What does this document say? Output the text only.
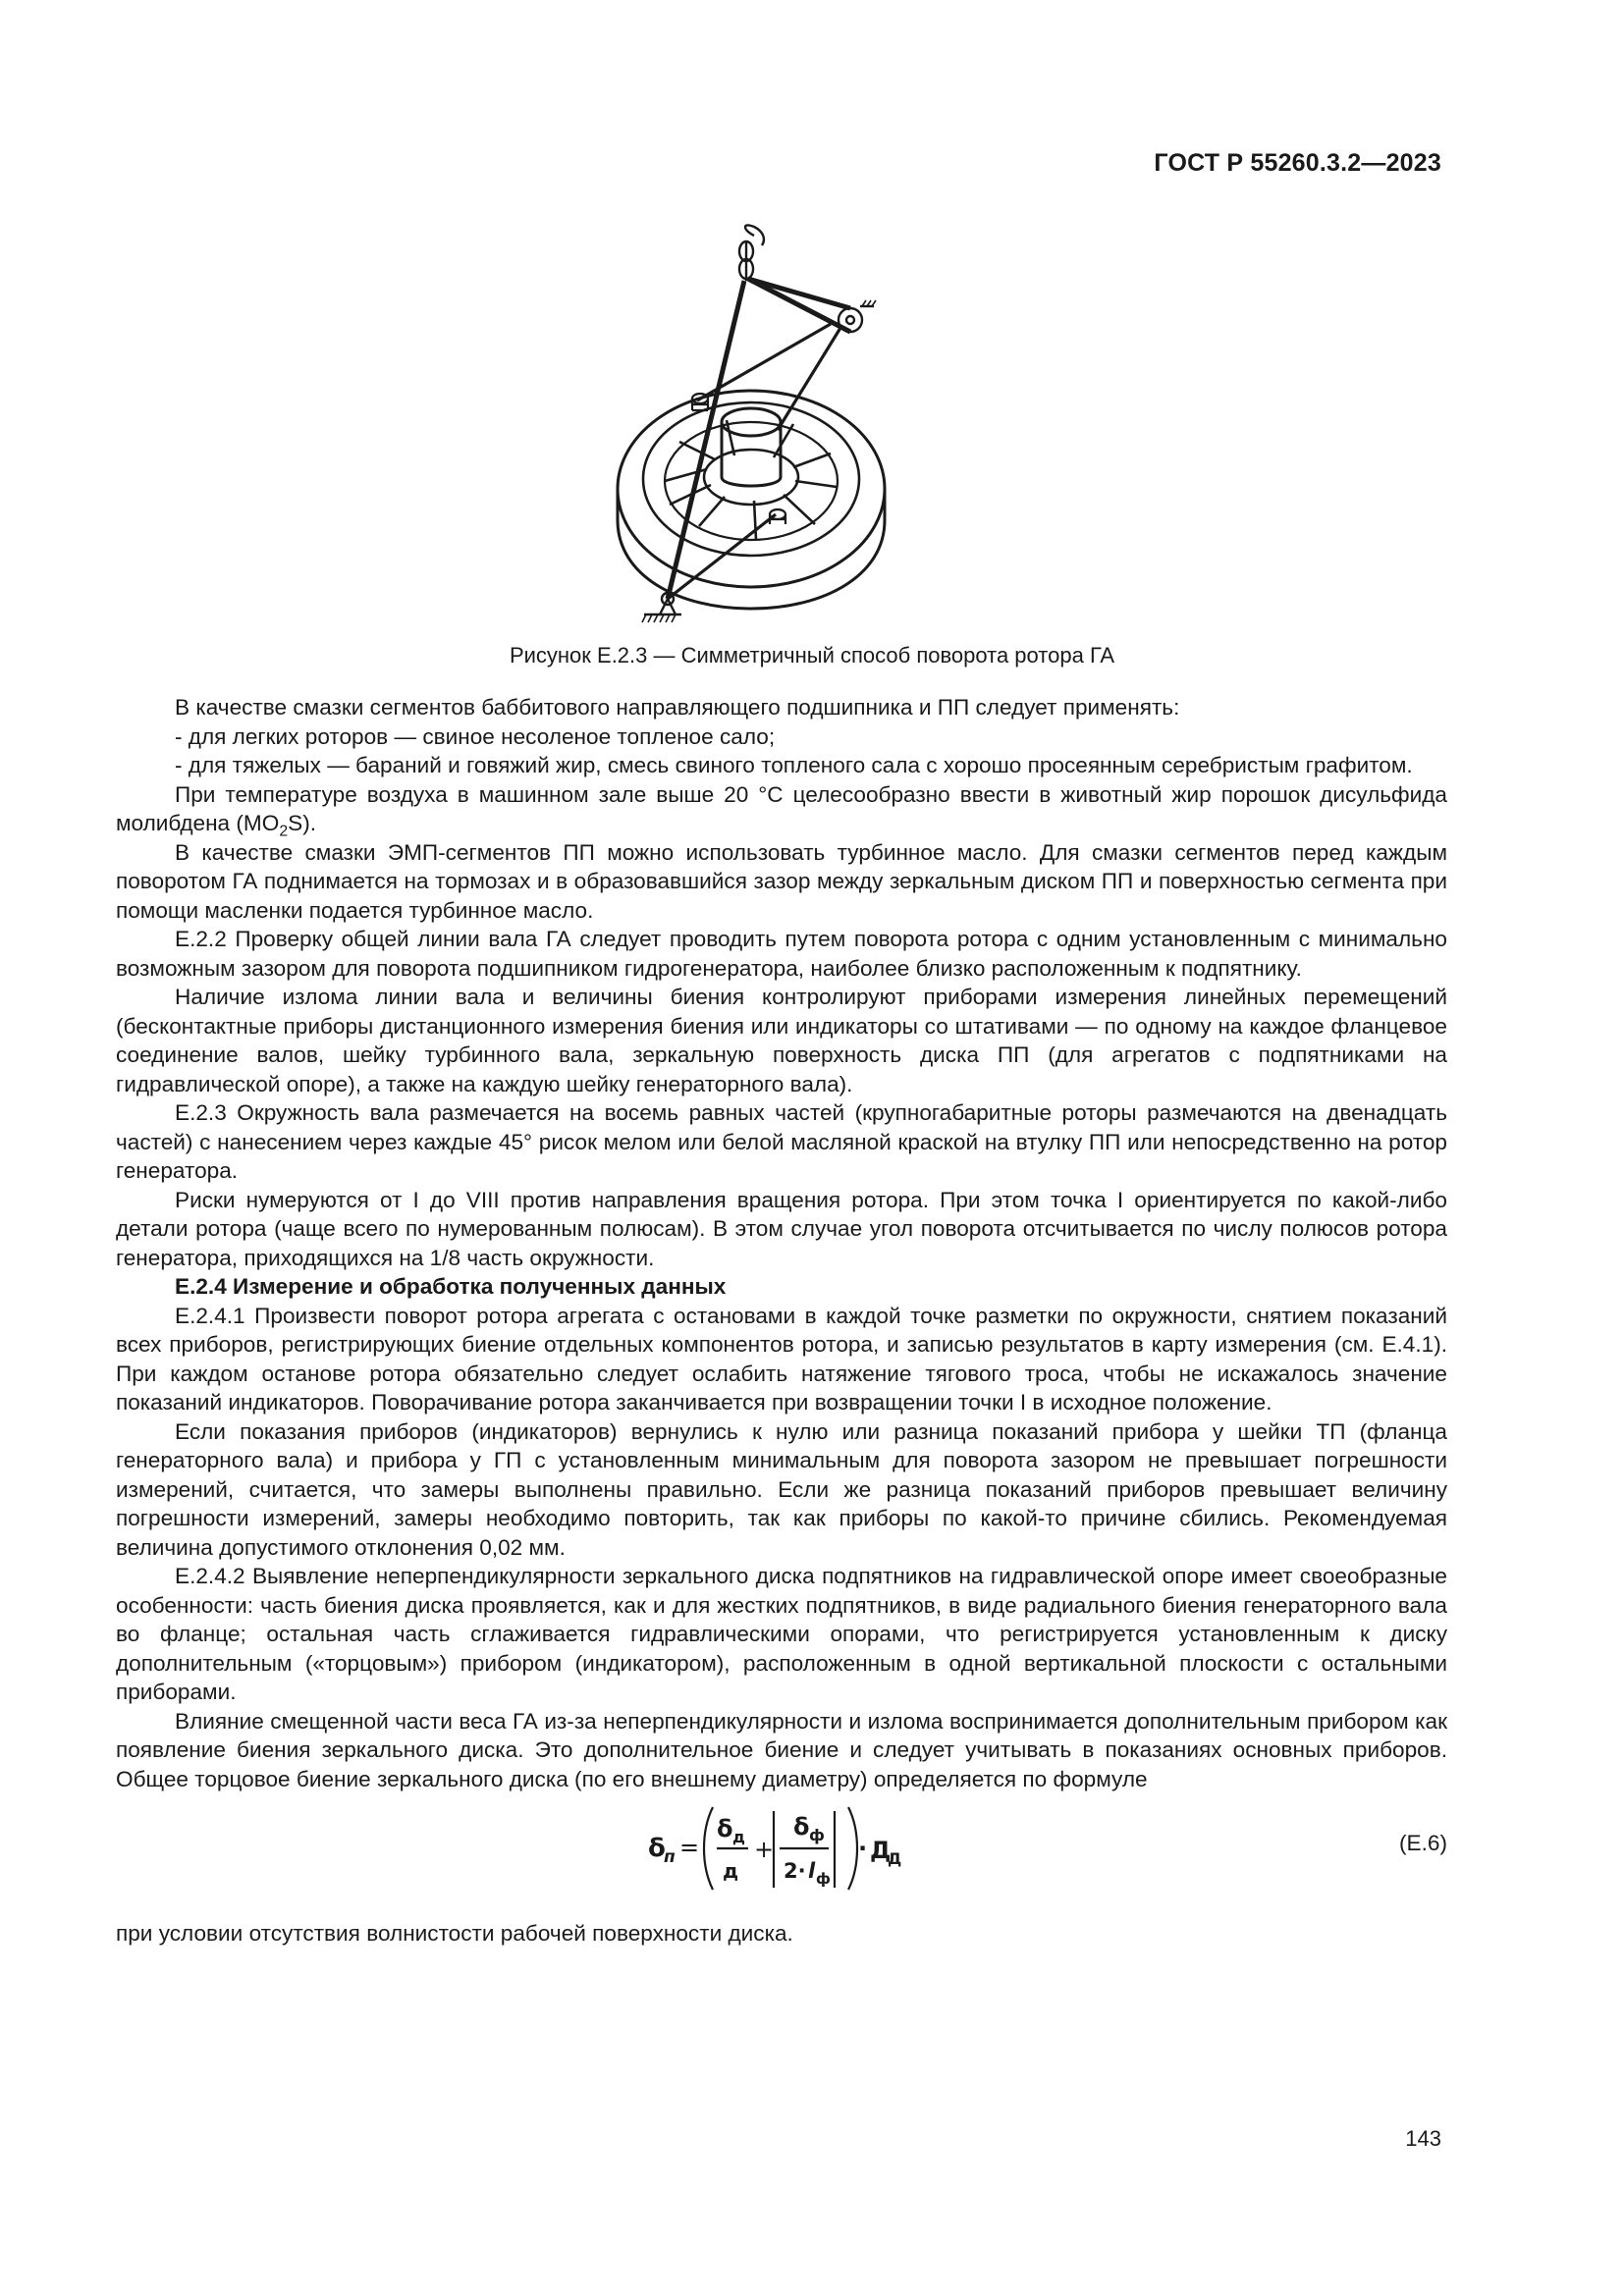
ГОСТ Р 55260.3.2—2023
Рисунок Е.2.3 — Симметричный способ поворота ротора ГА

В качестве смазки сегментов баббитового направляющего подшипника и ПП следует применять:

- для легких роторов — свиное несоленое топленое сало;

- для тяжелых — бараний и говяжий жир, смесь свиного топленого сала с хорошо просеянным серебристым графитом.

При температуре воздуха в машинном зале выше 20 °С целесообразно ввести в животный жир порошок дисульфида молибдена $(МО_2S)$.

В качестве смазки ЭМП-сегментов ПП можно использовать турбинное масло. Для смазки сегментов перед каждым поворотом ГА поднимается на тормозах и в образовавшийся зазор между зеркальным диском ПП и поверхностью сегмента при помощи масленки подается турбинное масло.

Е.2.2 Проверку общей линии вала ГА следует проводить путем поворота ротора с одним установленным с минимально возможным зазором для поворота подшипником гидрогенератора, наиболее близко расположенным к подпятнику.

Наличие излома линии вала и величины биения контролируют приборами измерения линейных перемещений (бесконтактные приборы дистанционного измерения биения или индикаторы со штативами — по одному на каждое фланцевое соединение валов, шейку турбинного вала, зеркальную поверхность диска ПП (для агрегатов с подпятниками на гидравлической опоре), а также на каждую шейку генераторного вала).

Е.2.3 Окружность вала размечается на восемь равных частей (крупногабаритные роторы размечаются на двенадцать частей) с нанесением через каждые 45° рисок мелом или белой масляной краской на втулку ПП или непосредственно на ротор генератора.

Риски нумеруются от I до VIII против направления вращения ротора. При этом точка I ориентируется по какой-либо детали ротора (чаще всего по нумерованным полюсам). В этом случае угол поворота отсчитывается по числу полюсов ротора генератора, приходящихся на 1/8 часть окружности.

Е.2.4 Измерение и обработка полученных данных

Е.2.4.1 Произвести поворот ротора агрегата с остановами в каждой точке разметки по окружности, снятием показаний всех приборов, регистрирующих биение отдельных компонентов ротора, и записью результатов в карту измерения (см. Е.4.1). При каждом останове ротора обязательно следует ослабить натяжение тягового троса, чтобы не искажалось значение показаний индикаторов. Поворачивание ротора заканчивается при возвращении точки I в исходное положение.

Если показания приборов (индикаторов) вернулись к нулю или разница показаний прибора у шейки ТП (фланца генераторного вала) и прибора у ГП с установленным минимальным для поворота зазором не превышает погрешности измерений, считается, что замеры выполнены правильно. Если же разница показаний приборов превышает величину погрешности измерений, замеры необходимо повторить, так как приборы по какой-то причине сбились. Рекомендуемая величина допустимого отклонения 0,02 мм.

Е.2.4.2 Выявление неперпендикулярности зеркального диска подпятников на гидравлической опоре имеет своеобразные особенности: часть биения диска проявляется, как и для жестких подпятников, в виде радиального биения генераторного вала во фланце; остальная часть сглаживается гидравлическими опорами, что регистрируется установленным к диску дополнительным («торцовым») прибором (индикатором), расположенным в одной вертикальной плоскости с остальными приборами.

Влияние смещенной части веса ГА из-за неперпендикулярности и излома воспринимается дополнительным прибором как появление биения зеркального диска. Это дополнительное биение и следует учитывать в показаниях основных приборов. Общее торцовое биение зеркального диска (по его внешнему диаметру) определяется по формуле

δ
п =
δ д
д
+
δ ф
2· l ф
· Д
Д
(Е.6)

при условии отсутствия волнистости рабочей поверхности диска.

143
